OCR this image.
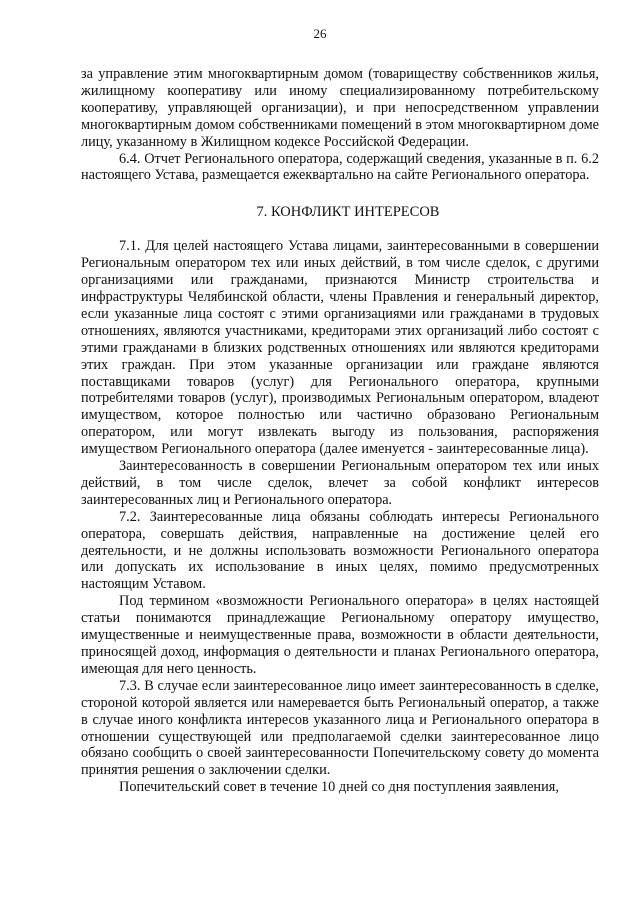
26

за управление этим многоквартирным домом (товариществу собственников жилья, жилищному кооперативу или иному специализированному потребительскому кооперативу, управляющей организации), и при непосредственном управлении многоквартирным домом собственниками помещений в этом многоквартирном доме лицу, указанному в Жилищном кодексе Российской Федерации.

6.4. Отчет Регионального оператора, содержащий сведения, указанные в п. 6.2 настоящего Устава, размещается ежеквартально на сайте Регионального оператора.

7. КОНФЛИКТ ИНТЕРЕСОВ

7.1. Для целей настоящего Устава лицами, заинтересованными в совершении Региональным оператором тех или иных действий, в том числе сделок, с другими организациями или гражданами, признаются Министр строительства и инфраструктуры Челябинской области, члены Правления и генеральный директор, если указанные лица состоят с этими организациями или гражданами в трудовых отношениях, являются участниками, кредиторами этих организаций либо состоят с этими гражданами в близких родственных отношениях или являются кредиторами этих граждан. При этом указанные организации или граждане являются поставщиками товаров (услуг) для Регионального оператора, крупными потребителями товаров (услуг), производимых Региональным оператором, владеют имуществом, которое полностью или частично образовано Региональным оператором, или могут извлекать выгоду из пользования, распоряжения имуществом Регионального оператора (далее именуется - заинтересованные лица).

Заинтересованность в совершении Региональным оператором тех или иных действий, в том числе сделок, влечет за собой конфликт интересов заинтересованных лиц и Регионального оператора.

7.2. Заинтересованные лица обязаны соблюдать интересы Регионального оператора, совершать действия, направленные на достижение целей его деятельности, и не должны использовать возможности Регионального оператора или допускать их использование в иных целях, помимо предусмотренных настоящим Уставом.

Под термином «возможности Регионального оператора» в целях настоящей статьи понимаются принадлежащие Региональному оператору имущество, имущественные и неимущественные права, возможности в области деятельности, приносящей доход, информация о деятельности и планах Регионального оператора, имеющая для него ценность.

7.3. В случае если заинтересованное лицо имеет заинтересованность в сделке, стороной которой является или намеревается быть Региональный оператор, а также в случае иного конфликта интересов указанного лица и Регионального оператора в отношении существующей или предполагаемой сделки заинтересованное лицо обязано сообщить о своей заинтересованности Попечительскому совету до момента принятия решения о заключении сделки.

Попечительский совет в течение 10 дней со дня поступления заявления,
